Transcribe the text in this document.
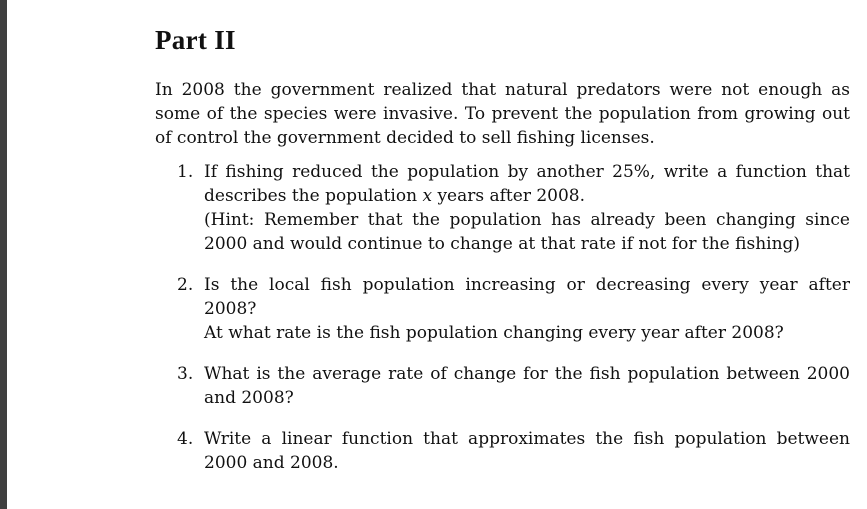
Part II

In 2008 the government realized that natural predators were not enough as some of the species were invasive. To prevent the population from growing out of control the government decided to sell fishing licenses.

1. If fishing reduced the population by another 25%, write a function that describes the population x years after 2008.
(Hint: Remember that the population has already been changing since 2000 and would continue to change at that rate if not for the fishing)
2. Is the local fish population increasing or decreasing every year after 2008?
At what rate is the fish population changing every year after 2008?
3. What is the average rate of change for the fish population between 2000 and 2008?
4. Write a linear function that approximates the fish population between 2000 and 2008.
